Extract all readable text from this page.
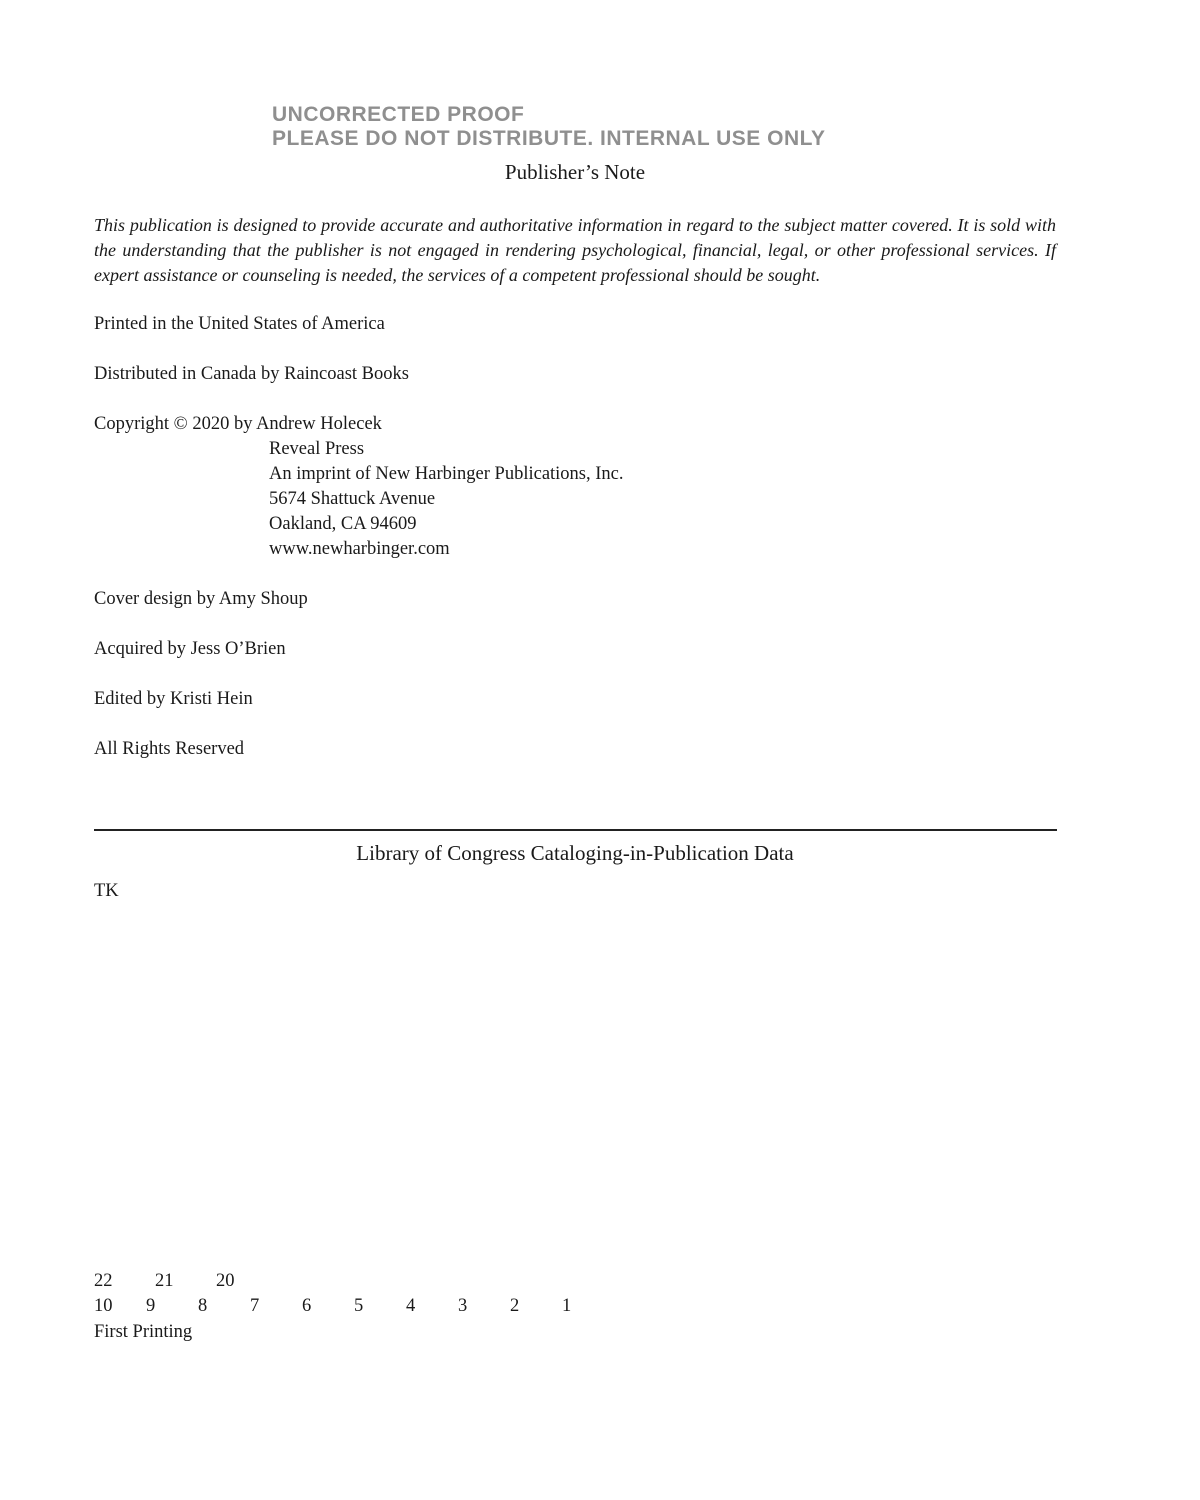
UNCORRECTED PROOF
PLEASE DO NOT DISTRIBUTE. INTERNAL USE ONLY
Publisher’s Note
This publication is designed to provide accurate and authoritative information in regard to the subject matter covered. It is sold with the understanding that the publisher is not engaged in rendering psychological, financial, legal, or other professional services. If expert assistance or counseling is needed, the services of a competent professional should be sought.
Printed in the United States of America
Distributed in Canada by Raincoast Books
Copyright © 2020 by Andrew Holecek
Reveal Press
An imprint of New Harbinger Publications, Inc.
5674 Shattuck Avenue
Oakland, CA 94609
www.newharbinger.com
Cover design by Amy Shoup
Acquired by Jess O’Brien
Edited by Kristi Hein
All Rights Reserved
Library of Congress Cataloging-in-Publication Data
TK
22	21	20
10	9	8	7	6	5	4	3	2	1
First Printing
